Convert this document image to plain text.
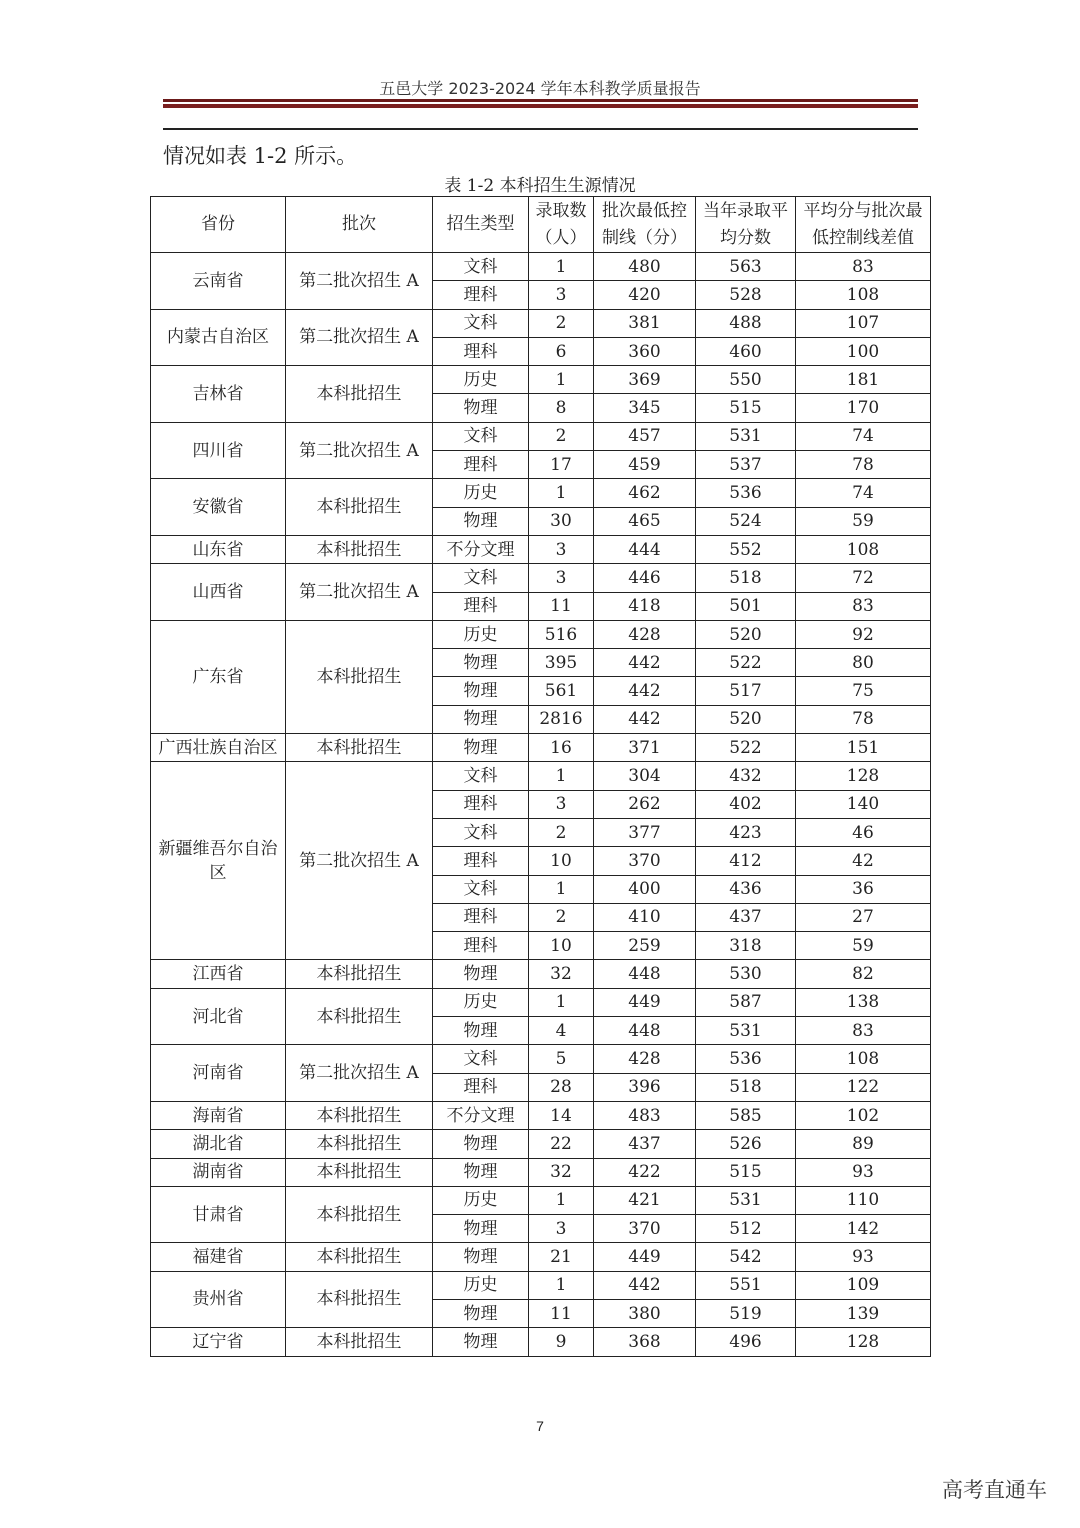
五邑大学 2023-2024 学年本科教学质量报告
情况如表 1-2 所示。
表 1-2 本科招生生源情况
省份	批次	招生类型	录取数（人）	批次最低控制线（分）	当年录取平均分数	平均分与批次最低控制线差值
云南省	第二批次招生 A	文科	1	480	563	83
		理科	3	420	528	108
内蒙古自治区	第二批次招生 A	文科	2	381	488	107
		理科	6	360	460	100
吉林省	本科批招生	历史	1	369	550	181
		物理	8	345	515	170
四川省	第二批次招生 A	文科	2	457	531	74
		理科	17	459	537	78
安徽省	本科批招生	历史	1	462	536	74
		物理	30	465	524	59
山东省	本科批招生	不分文理	3	444	552	108
山西省	第二批次招生 A	文科	3	446	518	72
		理科	11	418	501	83
广东省	本科批招生	历史	516	428	520	92
		物理	395	442	522	80
		物理	561	442	517	75
		物理	2816	442	520	78
广西壮族自治区	本科批招生	物理	16	371	522	151
新疆维吾尔自治区	第二批次招生 A	文科	1	304	432	128
		理科	3	262	402	140
		文科	2	377	423	46
		理科	10	370	412	42
		文科	1	400	436	36
		理科	2	410	437	27
		理科	10	259	318	59
江西省	本科批招生	物理	32	448	530	82
河北省	本科批招生	历史	1	449	587	138
		物理	4	448	531	83
河南省	第二批次招生 A	文科	5	428	536	108
		理科	28	396	518	122
海南省	本科批招生	不分文理	14	483	585	102
湖北省	本科批招生	物理	22	437	526	89
湖南省	本科批招生	物理	32	422	515	93
甘肃省	本科批招生	历史	1	421	531	110
		物理	3	370	512	142
福建省	本科批招生	物理	21	449	542	93
贵州省	本科批招生	历史	1	442	551	109
		物理	11	380	519	139
辽宁省	本科批招生	物理	9	368	496	128
7
高考直通车
